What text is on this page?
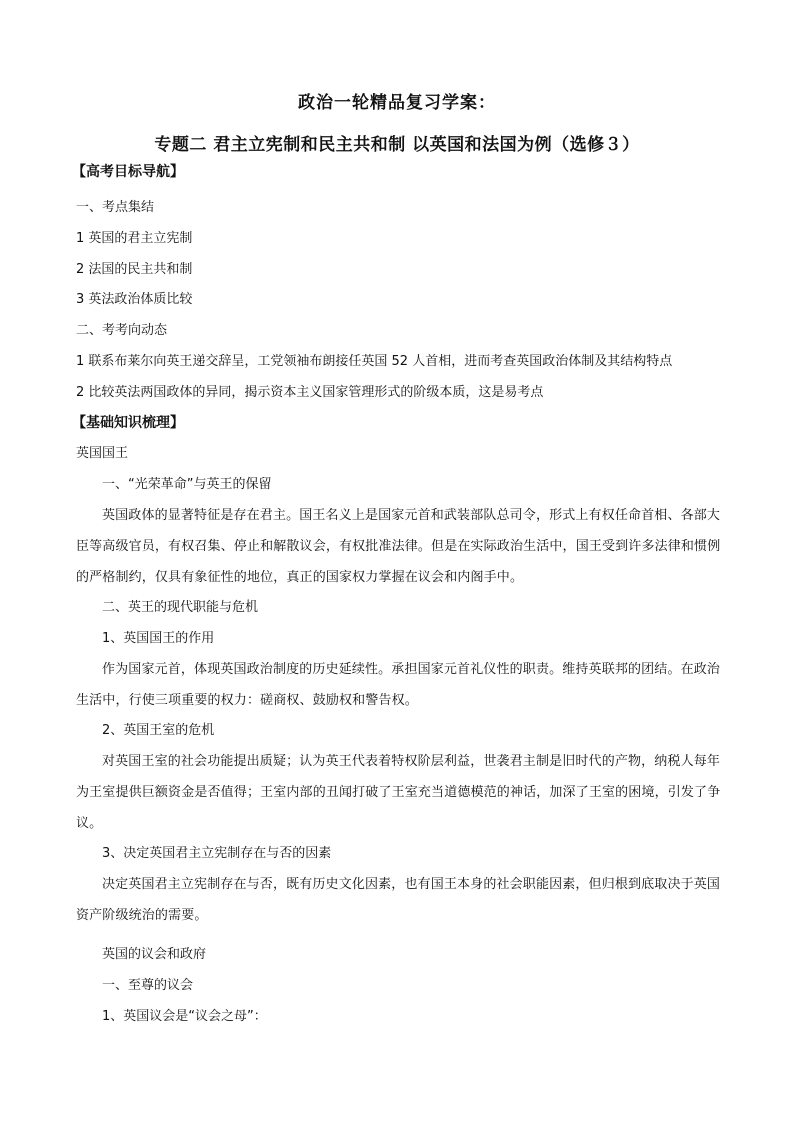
政治一轮精品复习学案：
专题二 君主立宪制和民主共和制 以英国和法国为例（选修３）
【高考目标导航】
一、考点集结
1 英国的君主立宪制
2 法国的民主共和制
3 英法政治体质比较
二、考考向动态
1 联系布莱尔向英王递交辞呈，工党领袖布朗接任英国 52 人首相，进而考查英国政治体制及其结构特点
2 比较英法两国政体的异同，揭示资本主义国家管理形式的阶级本质，这是易考点
【基础知识梳理】
英国国王
一、“光荣革命”与英王的保留
英国政体的显著特征是存在君主。国王名义上是国家元首和武装部队总司令，形式上有权任命首相、各部大臣等高级官员，有权召集、停止和解散议会，有权批准法律。但是在实际政治生活中，国王受到许多法律和惯例的严格制约，仅具有象征性的地位，真正的国家权力掌握在议会和内阁手中。
二、英王的现代职能与危机
1、英国国王的作用
作为国家元首，体现英国政治制度的历史延续性。承担国家元首礼仪性的职责。维持英联邦的团结。在政治生活中，行使三项重要的权力：磋商权、鼓励权和警告权。
2、英国王室的危机
对英国王室的社会功能提出质疑；认为英王代表着特权阶层利益，世袭君主制是旧时代的产物，纳税人每年为王室提供巨额资金是否值得；王室内部的丑闻打破了王室充当道德模范的神话，加深了王室的困境，引发了争议。
3、决定英国君主立宪制存在与否的因素
决定英国君主立宪制存在与否，既有历史文化因素，也有国王本身的社会职能因素，但归根到底取决于英国资产阶级统治的需要。
英国的议会和政府
一、至尊的议会
1、英国议会是“议会之母”：
